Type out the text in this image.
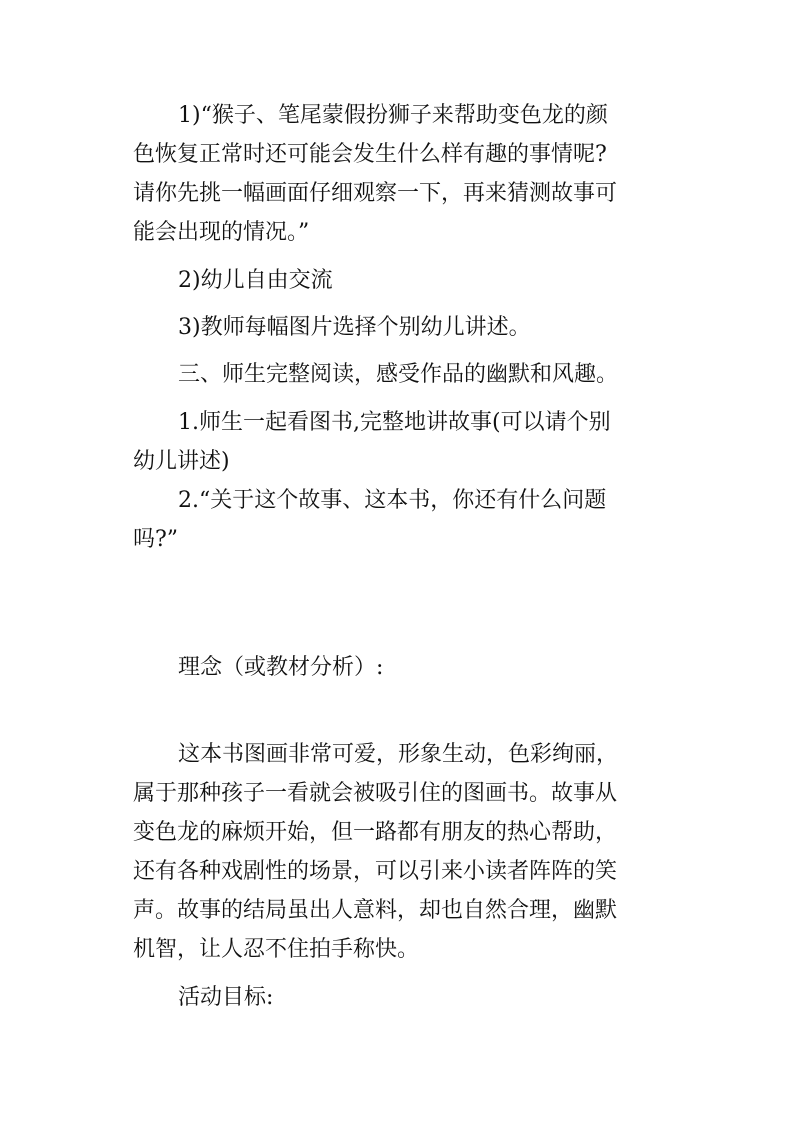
1)“猴子、笔尾蒙假扮狮子来帮助变色龙的颜
色恢复正常时还可能会发生什么样有趣的事情呢?
请你先挑一幅画面仔细观察一下，再来猜测故事可
能会出现的情况。”
2)幼儿自由交流
3)教师每幅图片选择个别幼儿讲述。
三、师生完整阅读，感受作品的幽默和风趣。
1.师生一起看图书,完整地讲故事(可以请个别
幼儿讲述)
2.“关于这个故事、这本书，你还有什么问题
吗?”
理念（或教材分析）:
这本书图画非常可爱，形象生动，色彩绚丽，
属于那种孩子一看就会被吸引住的图画书。故事从
变色龙的麻烦开始，但一路都有朋友的热心帮助，
还有各种戏剧性的场景，可以引来小读者阵阵的笑
声。故事的结局虽出人意料，却也自然合理，幽默
机智，让人忍不住拍手称快。
活动目标:
